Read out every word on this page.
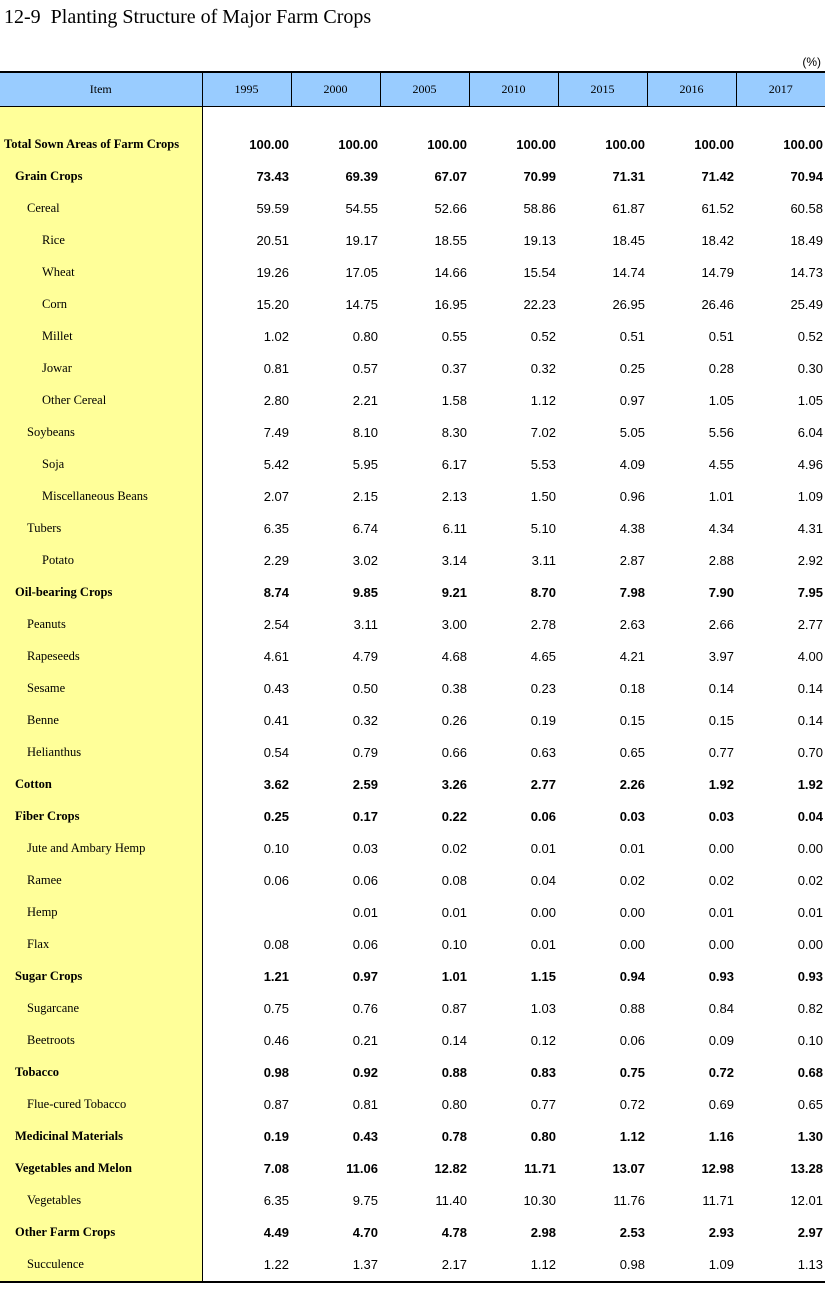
12-9  Planting Structure of Major Farm Crops
(%)
Item	1995	2000	2005	2010	2015	2016	2017

Total Sown Areas of Farm Crops	100.00	100.00	100.00	100.00	100.00	100.00	100.00
Grain Crops	73.43	69.39	67.07	70.99	71.31	71.42	70.94
Cereal	59.59	54.55	52.66	58.86	61.87	61.52	60.58
Rice	20.51	19.17	18.55	19.13	18.45	18.42	18.49
Wheat	19.26	17.05	14.66	15.54	14.74	14.79	14.73
Corn	15.20	14.75	16.95	22.23	26.95	26.46	25.49
Millet	1.02	0.80	0.55	0.52	0.51	0.51	0.52
Jowar	0.81	0.57	0.37	0.32	0.25	0.28	0.30
Other Cereal	2.80	2.21	1.58	1.12	0.97	1.05	1.05
Soybeans	7.49	8.10	8.30	7.02	5.05	5.56	6.04
Soja	5.42	5.95	6.17	5.53	4.09	4.55	4.96
Miscellaneous Beans	2.07	2.15	2.13	1.50	0.96	1.01	1.09
Tubers	6.35	6.74	6.11	5.10	4.38	4.34	4.31
Potato	2.29	3.02	3.14	3.11	2.87	2.88	2.92
Oil-bearing Crops	8.74	9.85	9.21	8.70	7.98	7.90	7.95
Peanuts	2.54	3.11	3.00	2.78	2.63	2.66	2.77
Rapeseeds	4.61	4.79	4.68	4.65	4.21	3.97	4.00
Sesame	0.43	0.50	0.38	0.23	0.18	0.14	0.14
Benne	0.41	0.32	0.26	0.19	0.15	0.15	0.14
Helianthus	0.54	0.79	0.66	0.63	0.65	0.77	0.70
Cotton	3.62	2.59	3.26	2.77	2.26	1.92	1.92
Fiber Crops	0.25	0.17	0.22	0.06	0.03	0.03	0.04
Jute and Ambary Hemp	0.10	0.03	0.02	0.01	0.01	0.00	0.00
Ramee	0.06	0.06	0.08	0.04	0.02	0.02	0.02
Hemp		0.01	0.01	0.00	0.00	0.01	0.01
Flax	0.08	0.06	0.10	0.01	0.00	0.00	0.00
Sugar Crops	1.21	0.97	1.01	1.15	0.94	0.93	0.93
Sugarcane	0.75	0.76	0.87	1.03	0.88	0.84	0.82
Beetroots	0.46	0.21	0.14	0.12	0.06	0.09	0.10
Tobacco	0.98	0.92	0.88	0.83	0.75	0.72	0.68
Flue-cured Tobacco	0.87	0.81	0.80	0.77	0.72	0.69	0.65
Medicinal Materials	0.19	0.43	0.78	0.80	1.12	1.16	1.30
Vegetables and Melon	7.08	11.06	12.82	11.71	13.07	12.98	13.28
Vegetables	6.35	9.75	11.40	10.30	11.76	11.71	12.01
Other Farm Crops	4.49	4.70	4.78	2.98	2.53	2.93	2.97
Succulence	1.22	1.37	2.17	1.12	0.98	1.09	1.13
